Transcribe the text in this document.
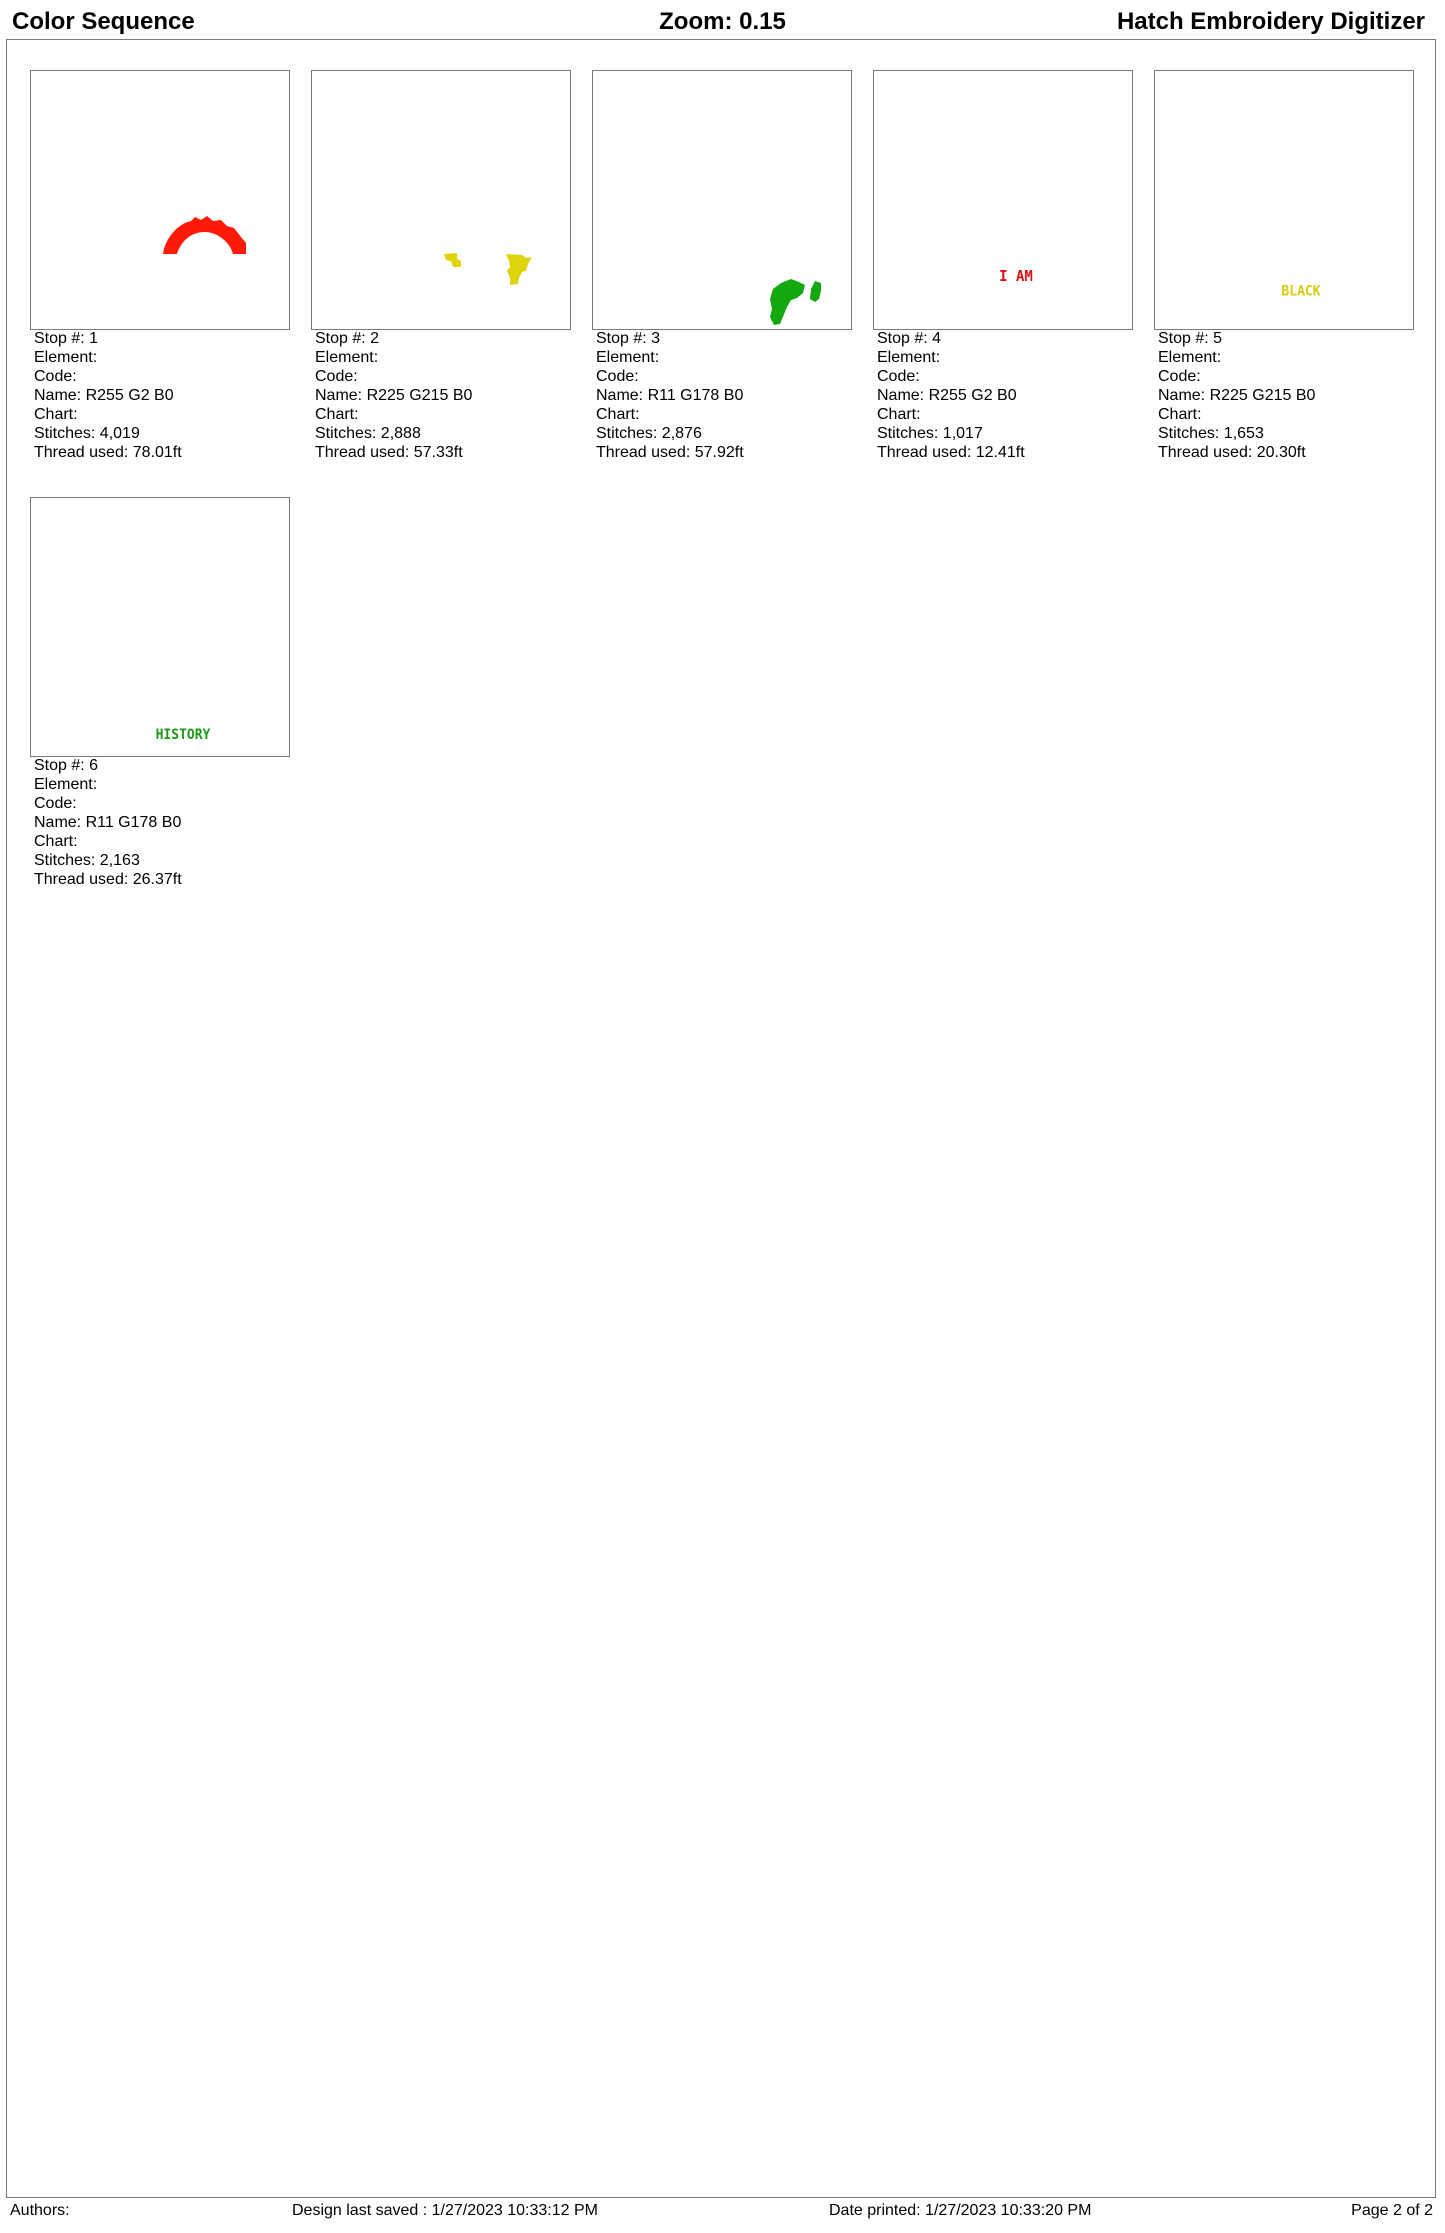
Color Sequence	Zoom: 0.15	Hatch Embroidery Digitizer
Stop #: 1
Element:
Code:
Name: R255 G2 B0
Chart:
Stitches: 4,019
Thread used: 78.01ft
Stop #: 2
Element:
Code:
Name: R225 G215 B0
Chart:
Stitches: 2,888
Thread used: 57.33ft
Stop #: 3
Element:
Code:
Name: R11 G178 B0
Chart:
Stitches: 2,876
Thread used: 57.92ft
I AM
Stop #: 4
Element:
Code:
Name: R255 G2 B0
Chart:
Stitches: 1,017
Thread used: 12.41ft
BLACK
Stop #: 5
Element:
Code:
Name: R225 G215 B0
Chart:
Stitches: 1,653
Thread used: 20.30ft
HISTORY
Stop #: 6
Element:
Code:
Name: R11 G178 B0
Chart:
Stitches: 2,163
Thread used: 26.37ft
Authors:	Design last saved : 1/27/2023 10:33:12 PM	Date printed: 1/27/2023 10:33:20 PM	Page 2 of 2
